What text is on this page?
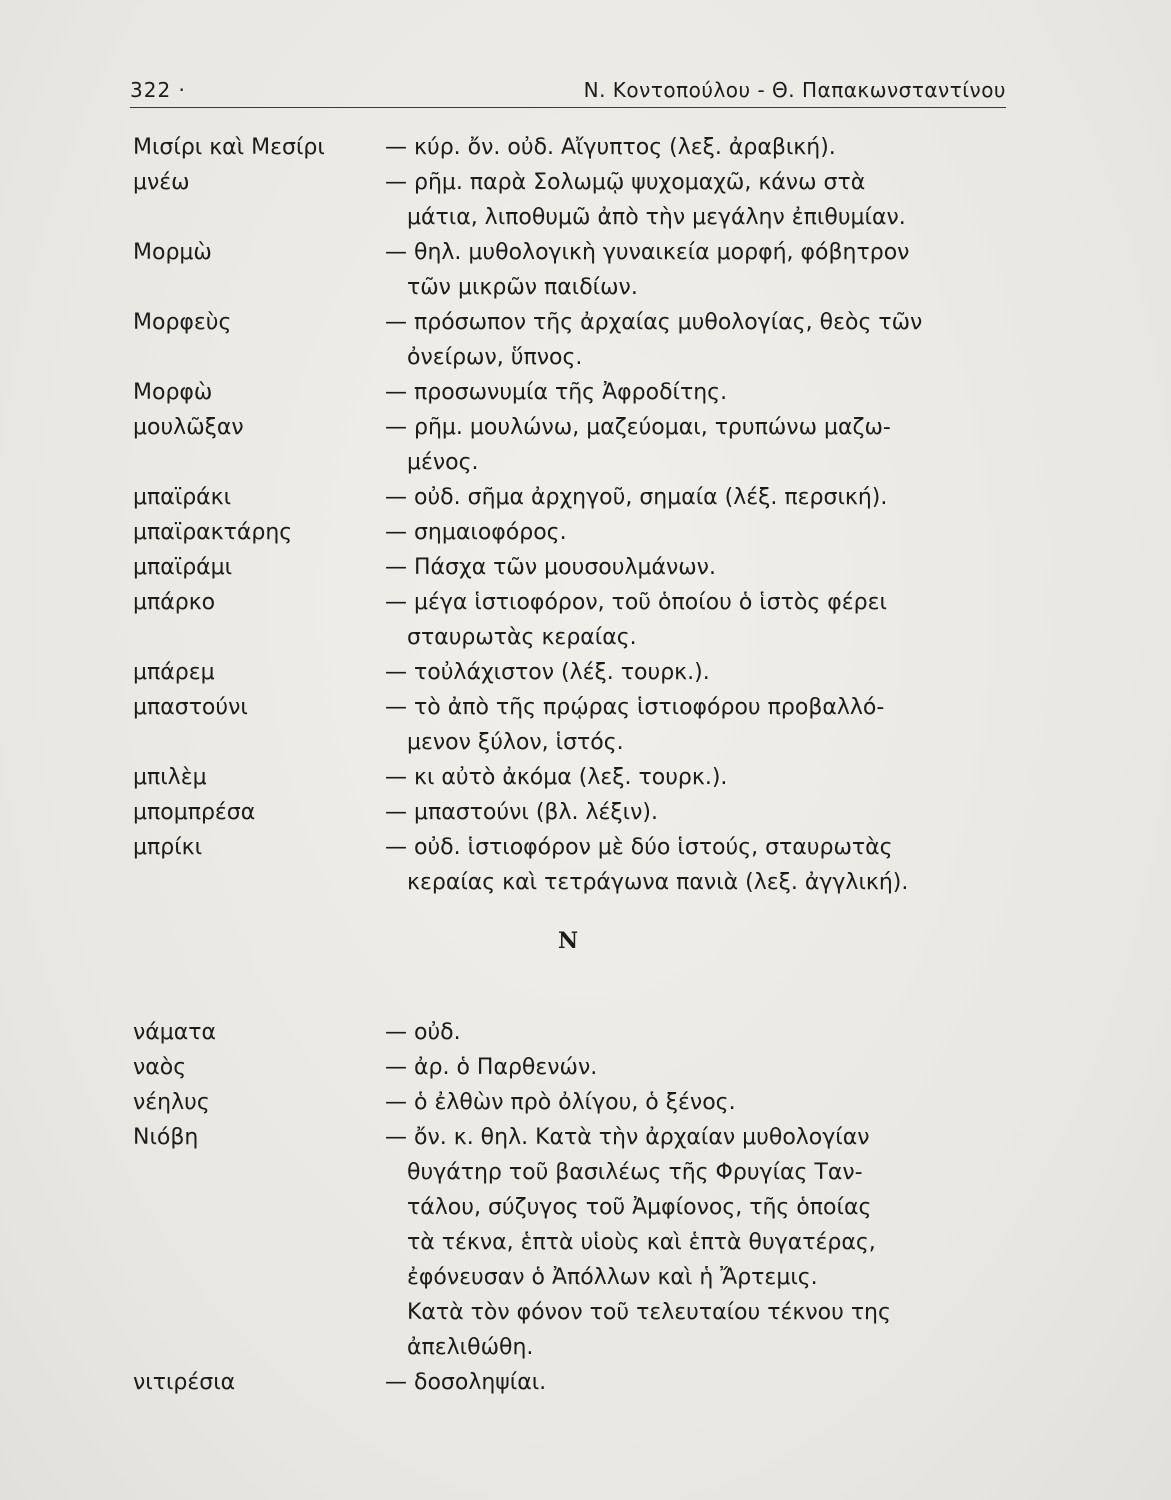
322 ·	Ν. Κοντοπούλου - Θ. Παπακωνσταντίνου
Μισίρι καὶ Μεσίρι	— κύρ. ὄν. οὐδ. Αἴγυπτος (λεξ. ἀραβική).
μνέω	— ρῆμ. παρὰ Σολωμῷ ψυχομαχῶ, κάνω στὰ
μάτια, λιποθυμῶ ἀπὸ τὴν μεγάλην ἐπιθυμίαν.
Μορμὼ	— θηλ. μυθολογικὴ γυναικεία μορφή, φόβητρον
τῶν μικρῶν παιδίων.
Μορφεὺς	— πρόσωπον τῆς ἀρχαίας μυθολογίας, θεὸς τῶν
ὀνείρων, ὕπνος.
Μορφὼ	— προσωνυμία τῆς Ἀφροδίτης.
μουλῶξαν	— ρῆμ. μουλώνω, μαζεύομαι, τρυπώνω μαζω-
μένος.
μπαϊράκι	— οὐδ. σῆμα ἀρχηγοῦ, σημαία (λέξ. περσική).
μπαϊρακτάρης	— σημαιοφόρος.
μπαϊράμι	— Πάσχα τῶν μουσουλμάνων.
μπάρκο	— μέγα ἱστιοφόρον, τοῦ ὁποίου ὁ ἱστὸς φέρει
σταυρωτὰς κεραίας.
μπάρεμ	— τοὐλάχιστον (λέξ. τουρκ.).
μπαστούνι	— τὸ ἀπὸ τῆς πρῴρας ἱστιοφόρου προβαλλό-
μενον ξύλον, ἱστός.
μπιλὲμ	— κι αὐτὸ ἀκόμα (λεξ. τουρκ.).
μπομπρέσα	— μπαστούνι (βλ. λέξιν).
μπρίκι	— οὐδ. ἱστιοφόρον μὲ δύο ἱστούς, σταυρωτὰς
κεραίας καὶ τετράγωνα πανιὰ (λεξ. ἀγγλική).
Ν
νάματα	— οὐδ.
ναὸς	— ἀρ. ὁ Παρθενών.
νέηλυς	— ὁ ἐλθὼν πρὸ ὀλίγου, ὁ ξένος.
Νιόβη	— ὄν. κ. θηλ. Κατὰ τὴν ἀρχαίαν μυθολογίαν
θυγάτηρ τοῦ βασιλέως τῆς Φρυγίας Ταν-
τάλου, σύζυγος τοῦ Ἀμφίονος, τῆς ὁποίας
τὰ τέκνα, ἑπτὰ υἱοὺς καὶ ἑπτὰ θυγατέρας,
ἐφόνευσαν ὁ Ἀπόλλων καὶ ἡ Ἄρτεμις.
Κατὰ τὸν φόνον τοῦ τελευταίου τέκνου της
ἀπελιθώθη.
νιτιρέσια	— δοσοληψίαι.
